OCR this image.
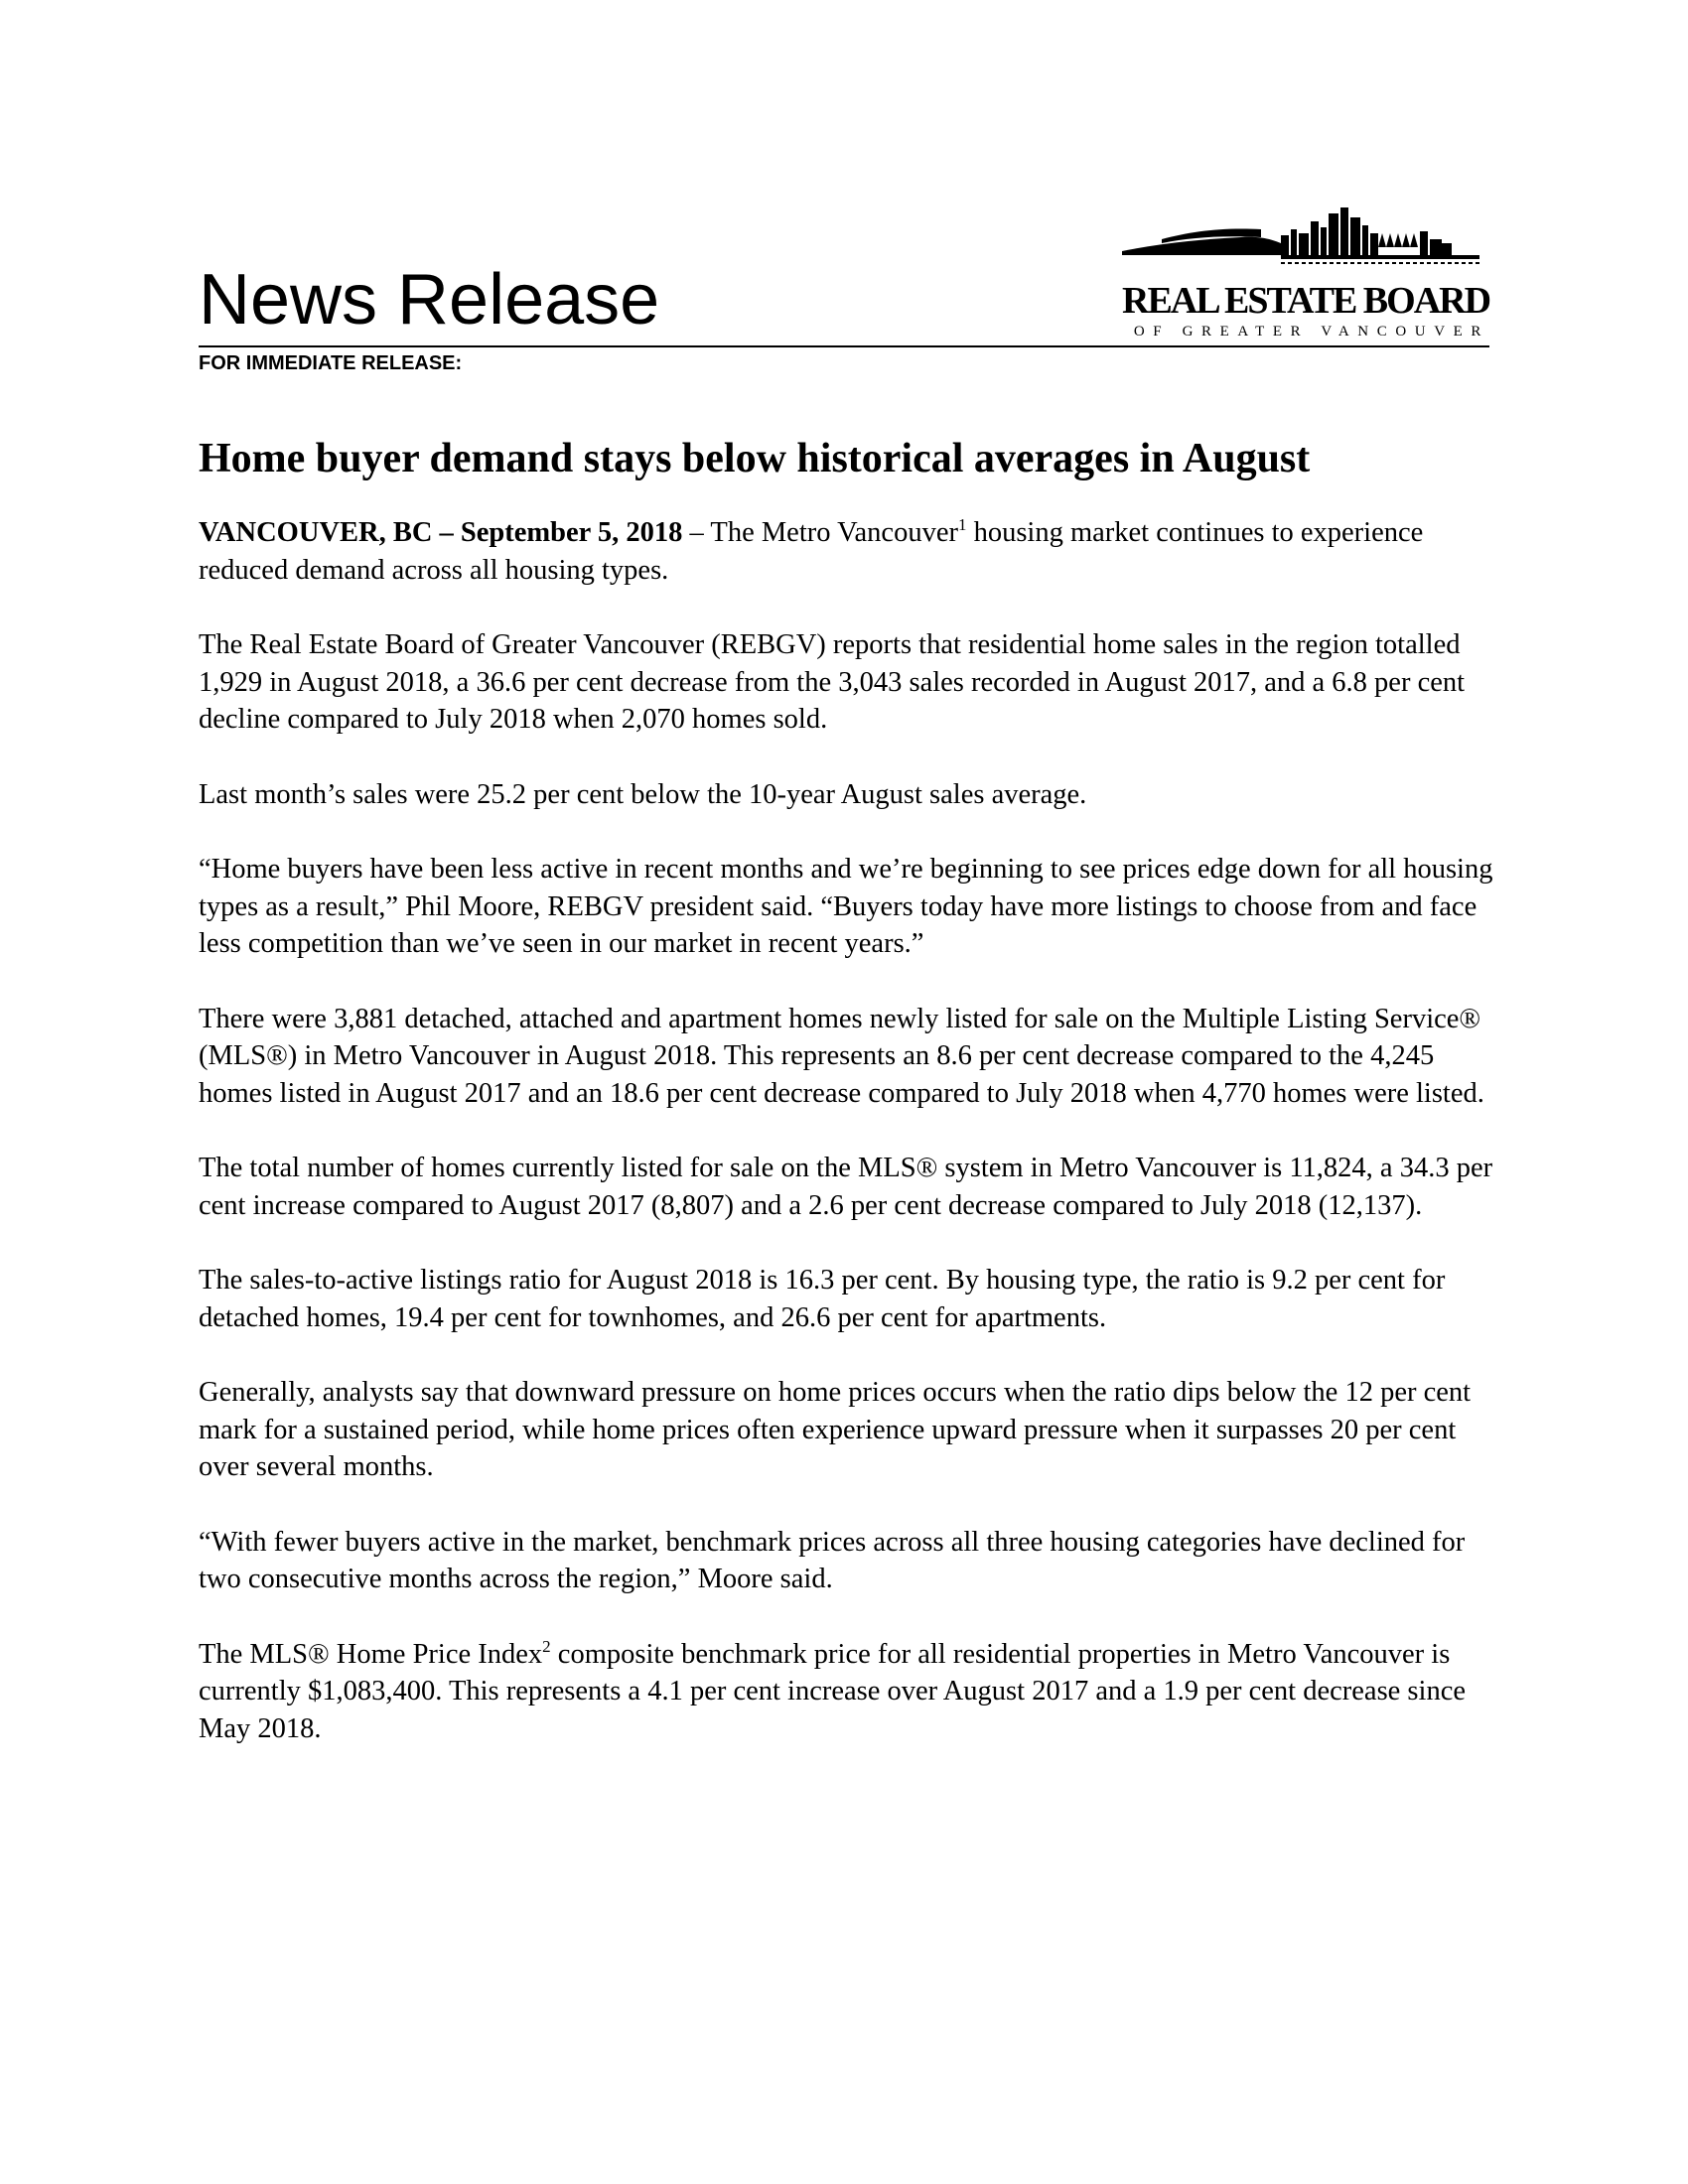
News Release
FOR IMMEDIATE RELEASE:
REAL ESTATE BOARD
OF GREATER VANCOUVER
Home buyer demand stays below historical averages in August

VANCOUVER, BC – September 5, 2018 – The Metro Vancouver$^1$ housing market continues to experience reduced demand across all housing types.

The Real Estate Board of Greater Vancouver (REBGV) reports that residential home sales in the region totalled 1,929 in August 2018, a 36.6 per cent decrease from the 3,043 sales recorded in August 2017, and a 6.8 per cent decline compared to July 2018 when 2,070 homes sold.

Last month’s sales were 25.2 per cent below the 10-year August sales average.

“Home buyers have been less active in recent months and we’re beginning to see prices edge down for all housing types as a result,” Phil Moore, REBGV president said. “Buyers today have more listings to choose from and face less competition than we’ve seen in our market in recent years.”

There were 3,881 detached, attached and apartment homes newly listed for sale on the Multiple Listing Service® (MLS®) in Metro Vancouver in August 2018. This represents an 8.6 per cent decrease compared to the 4,245 homes listed in August 2017 and an 18.6 per cent decrease compared to July 2018 when 4,770 homes were listed.

The total number of homes currently listed for sale on the MLS® system in Metro Vancouver is 11,824, a 34.3 per cent increase compared to August 2017 (8,807) and a 2.6 per cent decrease compared to July 2018 (12,137).

The sales-to-active listings ratio for August 2018 is 16.3 per cent. By housing type, the ratio is 9.2 per cent for detached homes, 19.4 per cent for townhomes, and 26.6 per cent for apartments.

Generally, analysts say that downward pressure on home prices occurs when the ratio dips below the 12 per cent mark for a sustained period, while home prices often experience upward pressure when it surpasses 20 per cent over several months.

“With fewer buyers active in the market, benchmark prices across all three housing categories have declined for two consecutive months across the region,” Moore said.

The MLS® Home Price Index$^2$ composite benchmark price for all residential properties in Metro Vancouver is currently $1,083,400. This represents a 4.1 per cent increase over August 2017 and a 1.9 per cent decrease since May 2018.
